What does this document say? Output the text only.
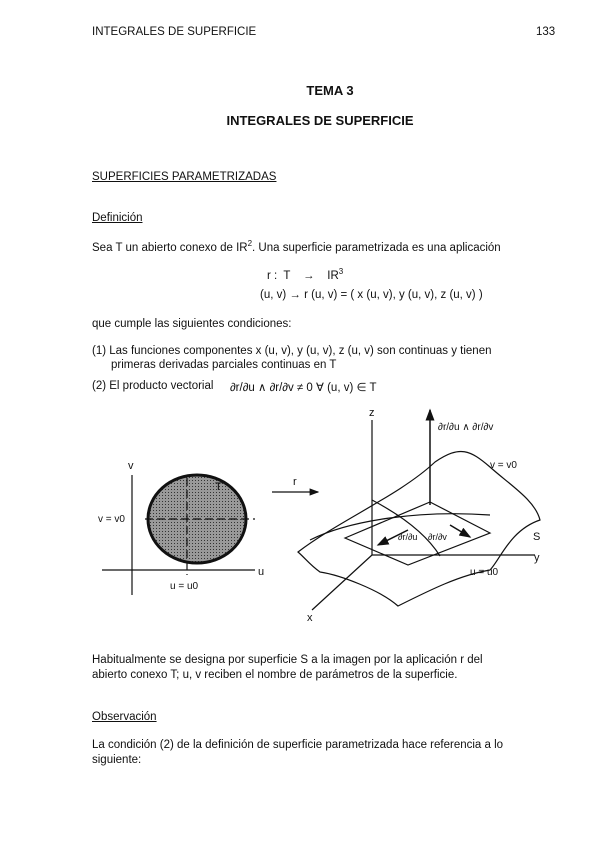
INTEGRALES DE SUPERFICIE	133
TEMA 3
INTEGRALES DE SUPERFICIE
SUPERFICIES PARAMETRIZADAS
Definición
Sea T un abierto conexo de $IR^2$. Una superficie parametrizada es una aplicación
r :  T    →    $IR^3$
(u, v) → r (u, v) = ( x (u, v), y (u, v), z (u, v) )
que cumple las siguientes condiciones:
(1) Las funciones componentes x (u, v), y (u, v), z (u, v) son continuas y tienen
primeras derivadas parciales continuas en T
(2) El producto vectorial ∂r/∂u ∧ ∂r/∂v ≠ 0 ∀ (u, v) ∈ T
v
u
T
v = v0
u = u0
r
z
y
x
S
∂r/∂u ∧ ∂r/∂v
v = v0
u = u0
∂r/∂u ∂r/∂v
Habitualmente se designa por superficie S a la imagen por la aplicación r del
abierto conexo T; u, v reciben el nombre de parámetros de la superficie.
Observación
La condición (2) de la definición de superficie parametrizada hace referencia a lo
siguiente:
